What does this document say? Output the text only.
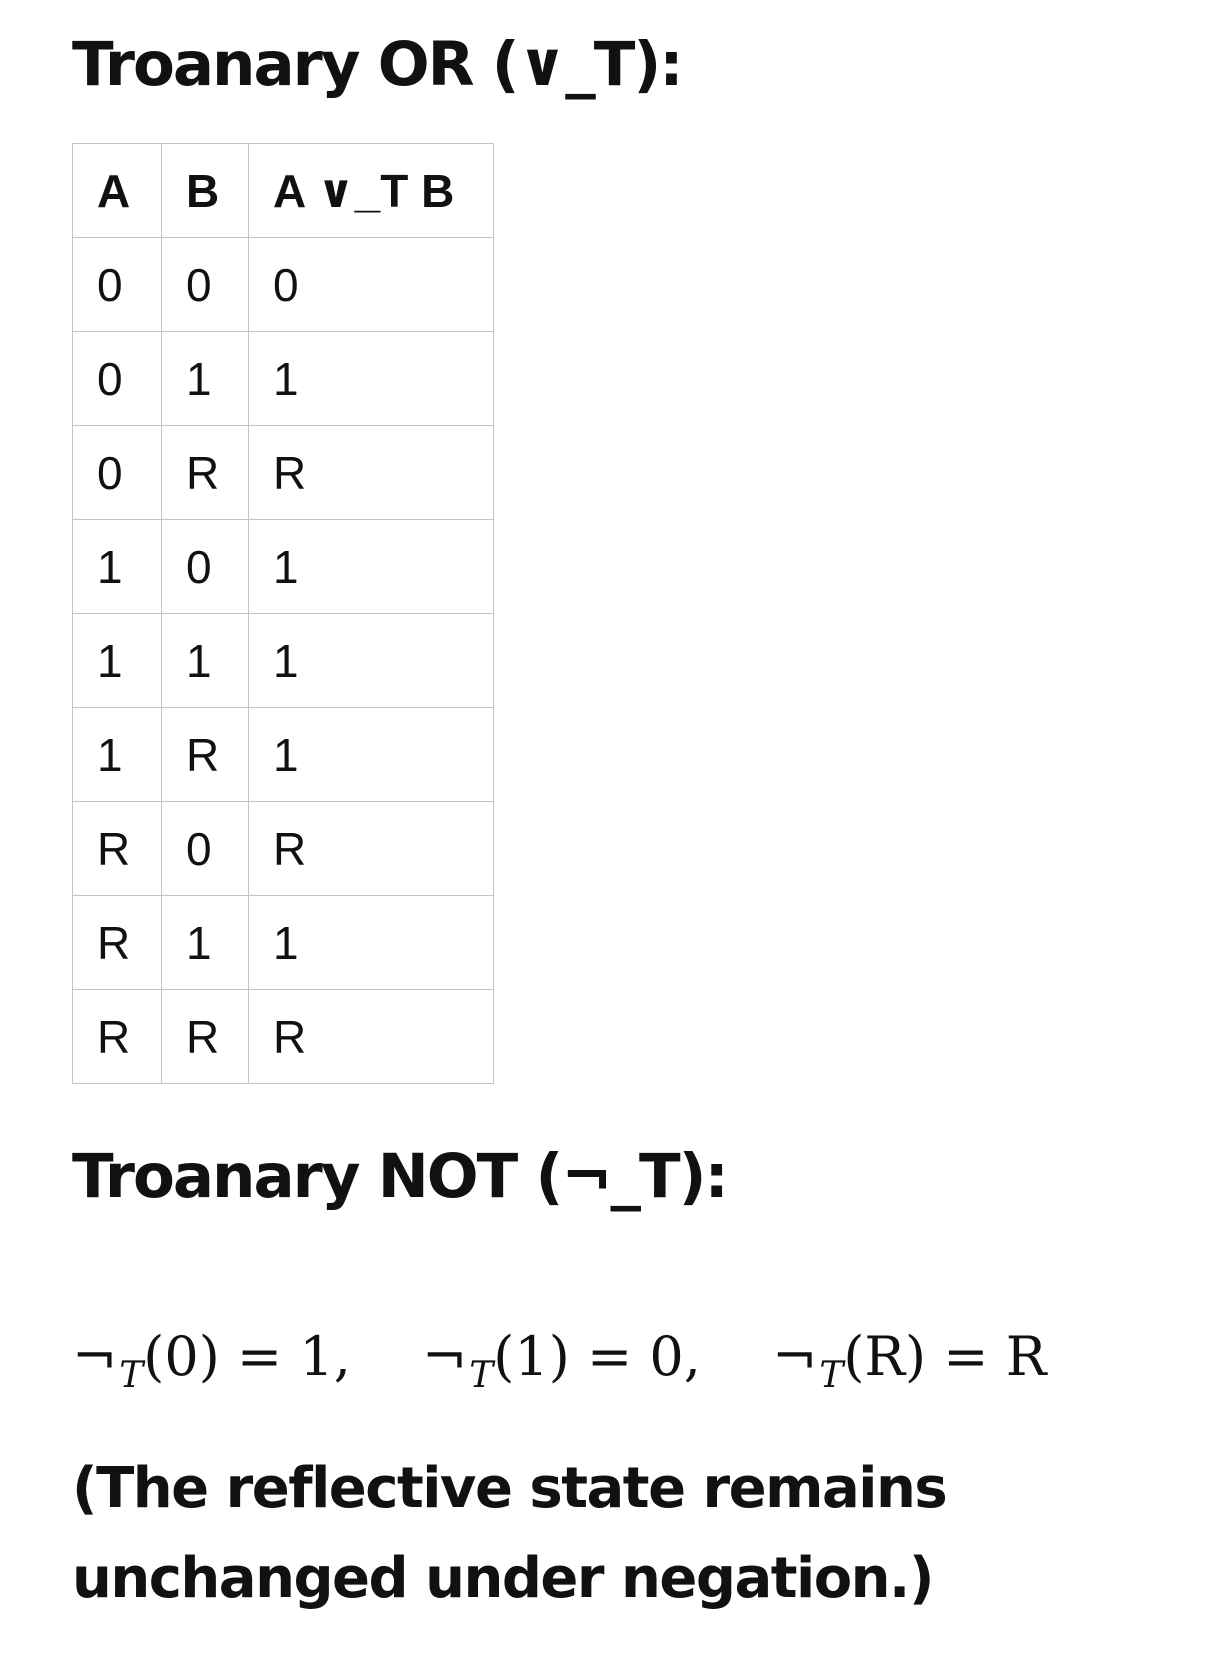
Troanary OR (∨_T):
A	B	A ∨_T B
0	0	0
0	1	1
0	R	R
1	0	1
1	1	1
1	R	1
R	0	R
R	1	1
R	R	R
Troanary NOT (¬_T):
$\neg_T(0) = 1$, $\neg_T(1) = 0$, $\neg_T(R) = R$

(The reflective state remains unchanged under negation.)
